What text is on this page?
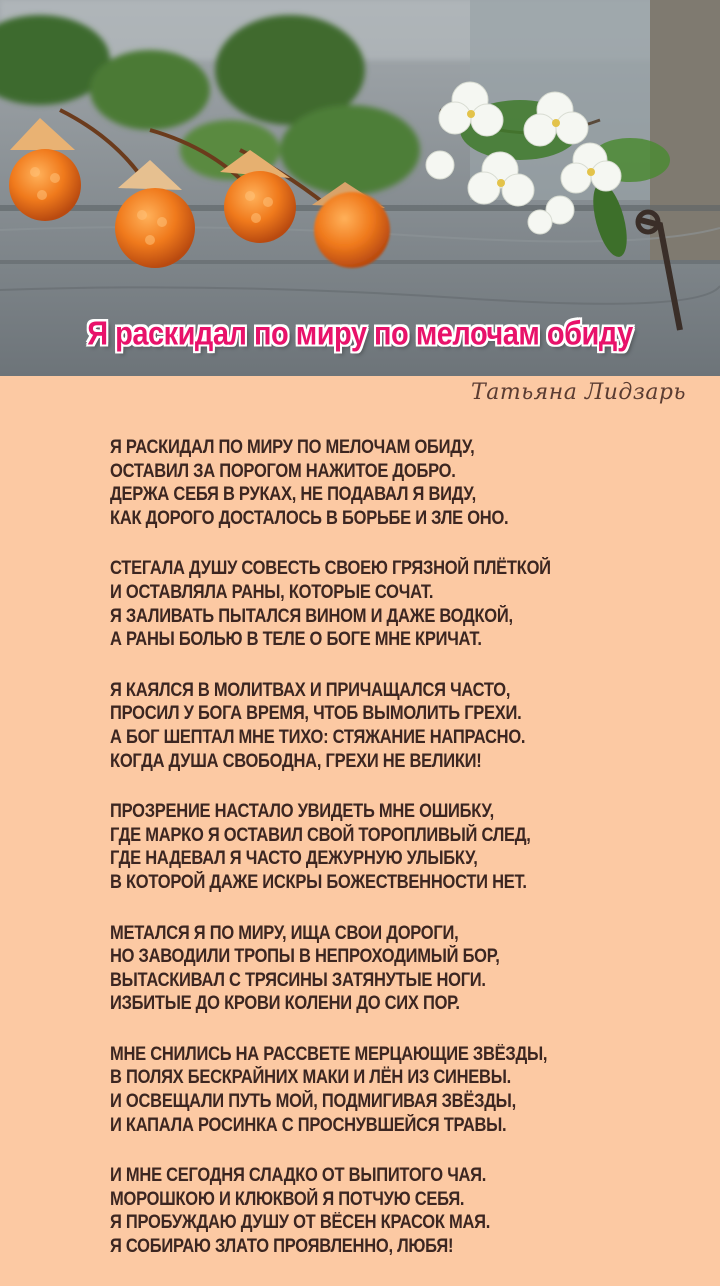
Я раскидал по миру по мелочам обиду
Татьяна Лидзарь
Я РАСКИДАЛ ПО МИРУ ПО МЕЛОЧАМ ОБИДУ,
ОСТАВИЛ ЗА ПОРОГОМ НАЖИТОЕ ДОБРО.
ДЕРЖА СЕБЯ В РУКАХ, НЕ ПОДАВАЛ Я ВИДУ,
КАК ДОРОГО ДОСТАЛОСЬ В БОРЬБЕ И ЗЛЕ ОНО.
СТЕГАЛА ДУШУ СОВЕСТЬ СВОЕЮ ГРЯЗНОЙ ПЛЁТКОЙ
И ОСТАВЛЯЛА РАНЫ, КОТОРЫЕ СОЧАТ.
Я ЗАЛИВАТЬ ПЫТАЛСЯ ВИНОМ И ДАЖЕ ВОДКОЙ,
А РАНЫ БОЛЬЮ В ТЕЛЕ О БОГЕ МНЕ КРИЧАТ.
Я КАЯЛСЯ В МОЛИТВАХ И ПРИЧАЩАЛСЯ ЧАСТО,
ПРОСИЛ У БОГА ВРЕМЯ, ЧТОБ ВЫМОЛИТЬ ГРЕХИ.
А БОГ ШЕПТАЛ МНЕ ТИХО: СТЯЖАНИЕ НАПРАСНО.
КОГДА ДУША СВОБОДНА, ГРЕХИ НЕ ВЕЛИКИ!
ПРОЗРЕНИЕ НАСТАЛО УВИДЕТЬ МНЕ ОШИБКУ,
ГДЕ МАРКО Я ОСТАВИЛ СВОЙ ТОРОПЛИВЫЙ СЛЕД,
ГДЕ НАДЕВАЛ Я ЧАСТО ДЕЖУРНУЮ УЛЫБКУ,
В КОТОРОЙ ДАЖЕ ИСКРЫ БОЖЕСТВЕННОСТИ НЕТ.
МЕТАЛСЯ Я ПО МИРУ, ИЩА СВОИ ДОРОГИ,
НО ЗАВОДИЛИ ТРОПЫ В НЕПРОХОДИМЫЙ БОР,
ВЫТАСКИВАЛ С ТРЯСИНЫ ЗАТЯНУТЫЕ НОГИ.
ИЗБИТЫЕ ДО КРОВИ КОЛЕНИ ДО СИХ ПОР.
МНЕ СНИЛИСЬ НА РАССВЕТЕ МЕРЦАЮЩИЕ ЗВЁЗДЫ,
В ПОЛЯХ БЕСКРАЙНИХ МАКИ И ЛЁН ИЗ СИНЕВЫ.
И ОСВЕЩАЛИ ПУТЬ МОЙ, ПОДМИГИВАЯ ЗВЁЗДЫ,
И КАПАЛА РОСИНКА С ПРОСНУВШЕЙСЯ ТРАВЫ.
И МНЕ СЕГОДНЯ СЛАДКО ОТ ВЫПИТОГО ЧАЯ.
МОРОШКОЮ И КЛЮКВОЙ Я ПОТЧУЮ СЕБЯ.
Я ПРОБУЖДАЮ ДУШУ ОТ ВЁСЕН КРАСОК МАЯ.
Я СОБИРАЮ ЗЛАТО ПРОЯВЛЕННО, ЛЮБЯ!
